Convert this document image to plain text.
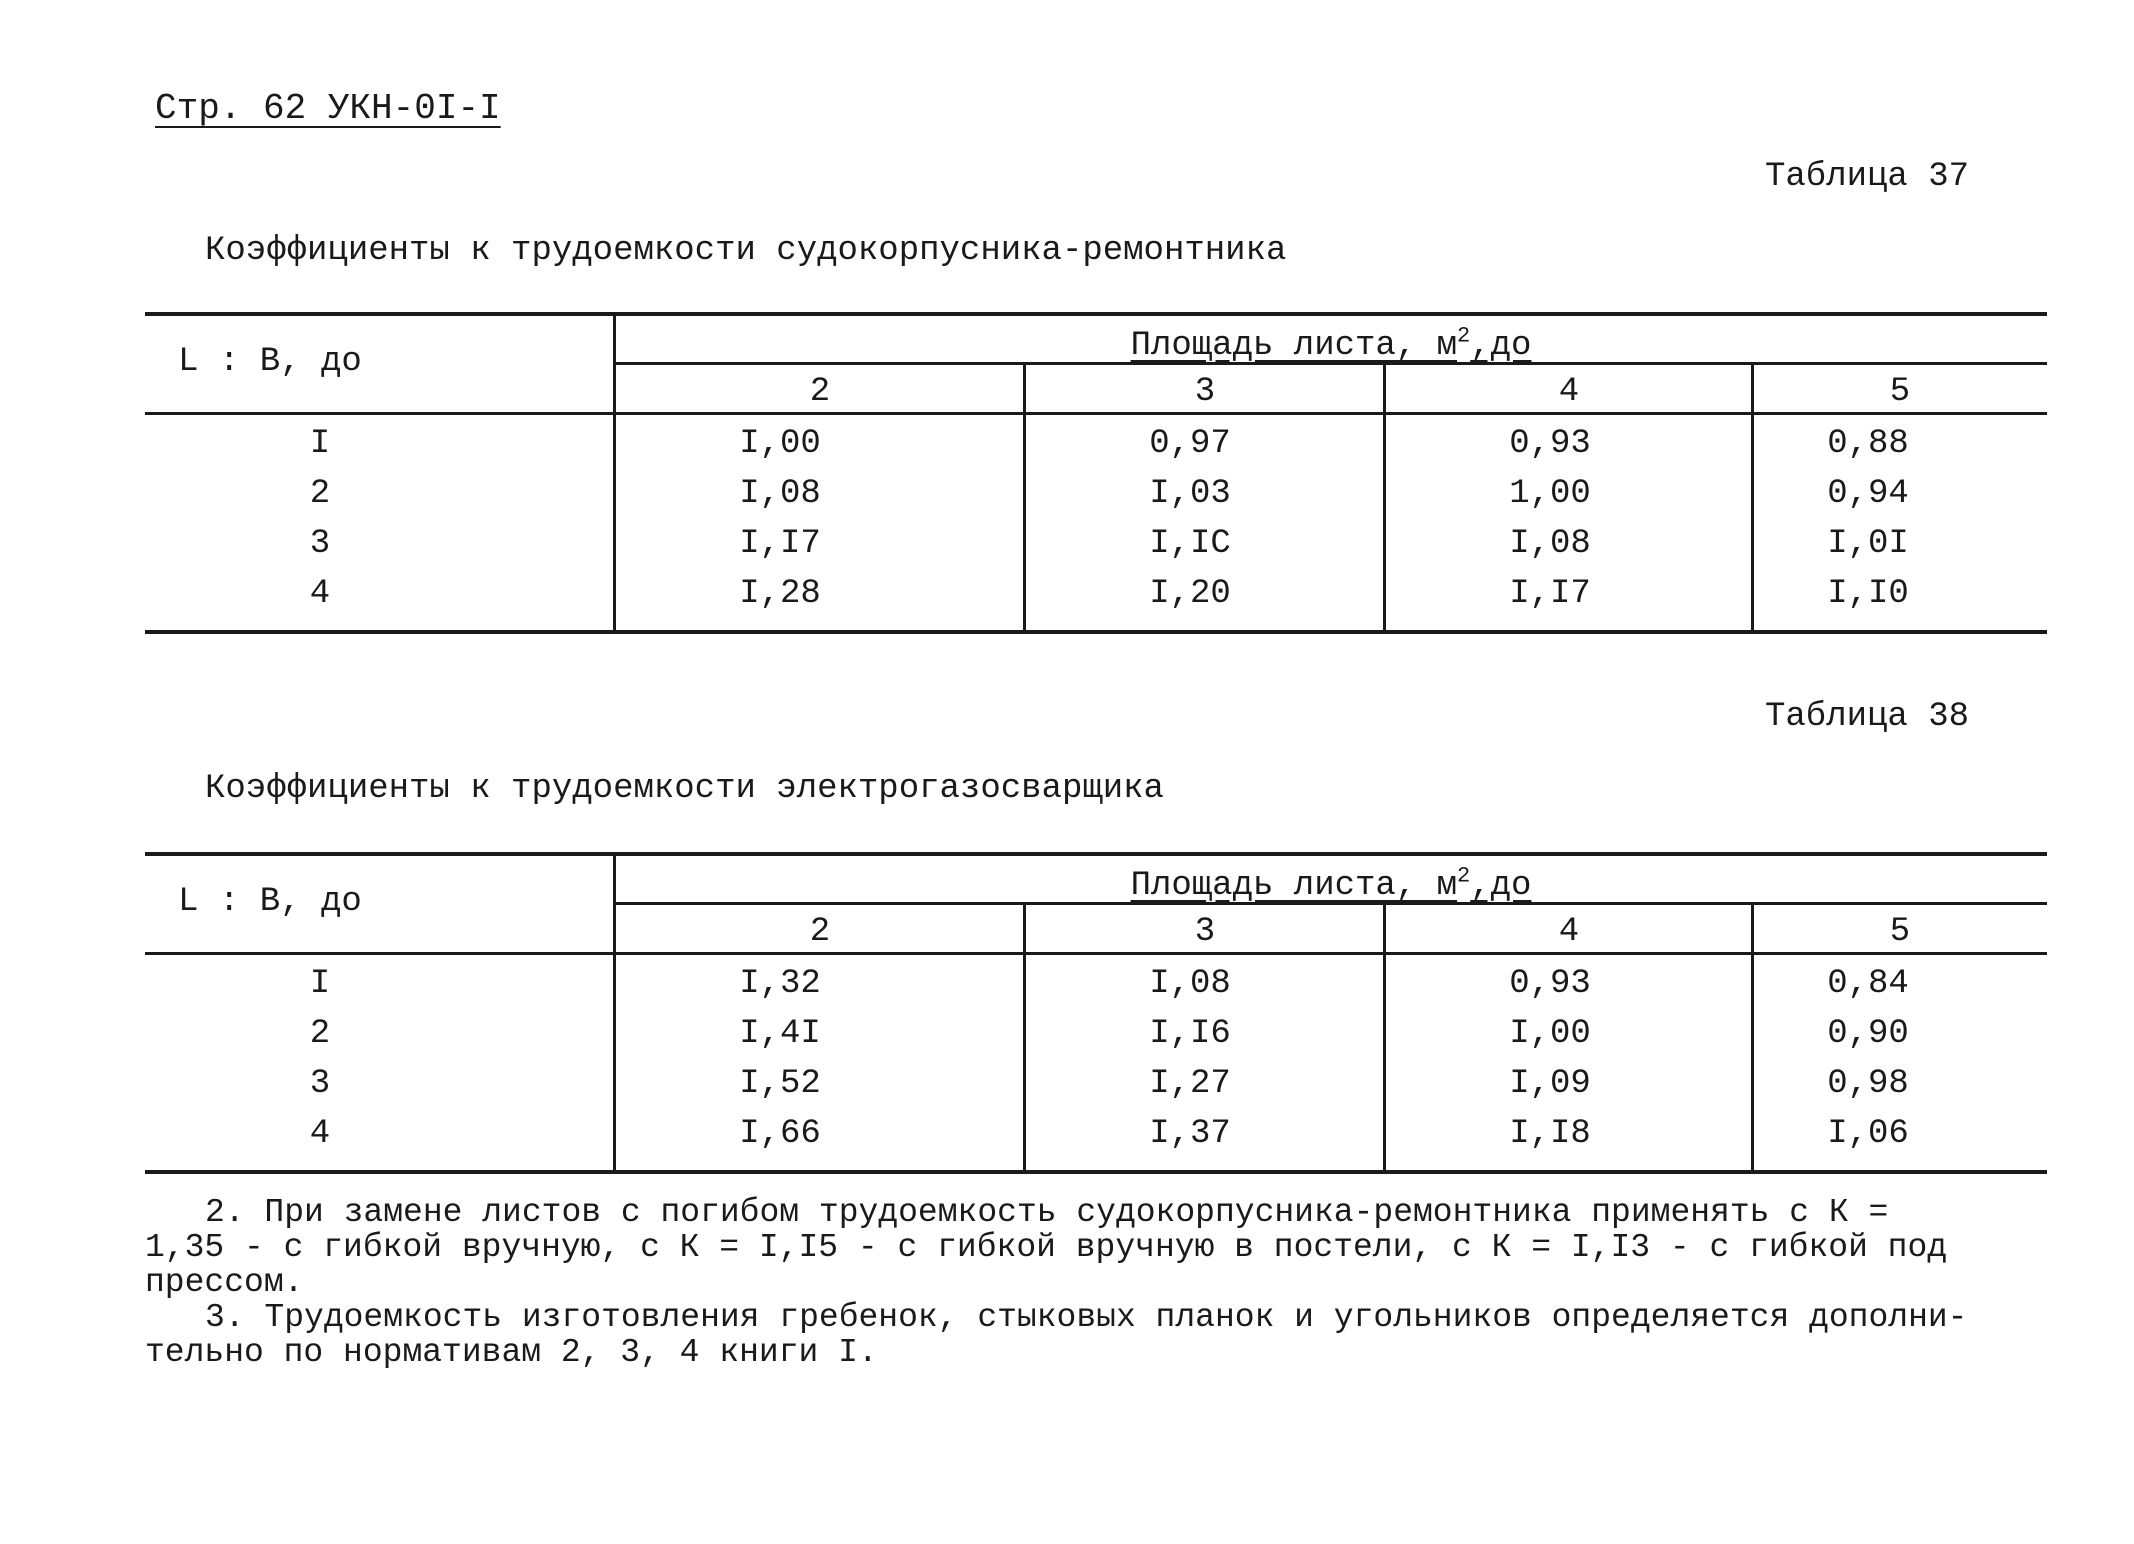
Стр. 62 УКН-0I-I
Таблица 37
Коэффициенты к трудоемкости судокорпусника-ремонтника
L : В, до	Площадь листа, $м^2,до$
2	3	4	5
I	I,00	0,97	0,93	0,88
2	I,08	I,03	1,00	0,94
3	I,I7	I,IC	I,08	I,0I
4	I,28	I,20	I,I7	I,I0
Таблица 38
Коэффициенты к трудоемкости электрогазосварщика
L : В, до	Площадь листа, $м^2,до$
2	3	4	5
I	I,32	I,08	0,93	0,84
2	I,4I	I,I6	I,00	0,90
3	I,52	I,27	I,09	0,98
4	I,66	I,37	I,I8	I,06

2. При замене листов с погибом трудоемкость судокорпусника-ремонтника применять с К =

1,35 - с гибкой вручную, с К = I,I5 - с гибкой вручную в постели, с К = I,I3 - с гибкой под

прессом.

3. Трудоемкость изготовления гребенок, стыковых планок и угольников определяется дополни-

тельно по нормативам 2, 3, 4 книги I.
